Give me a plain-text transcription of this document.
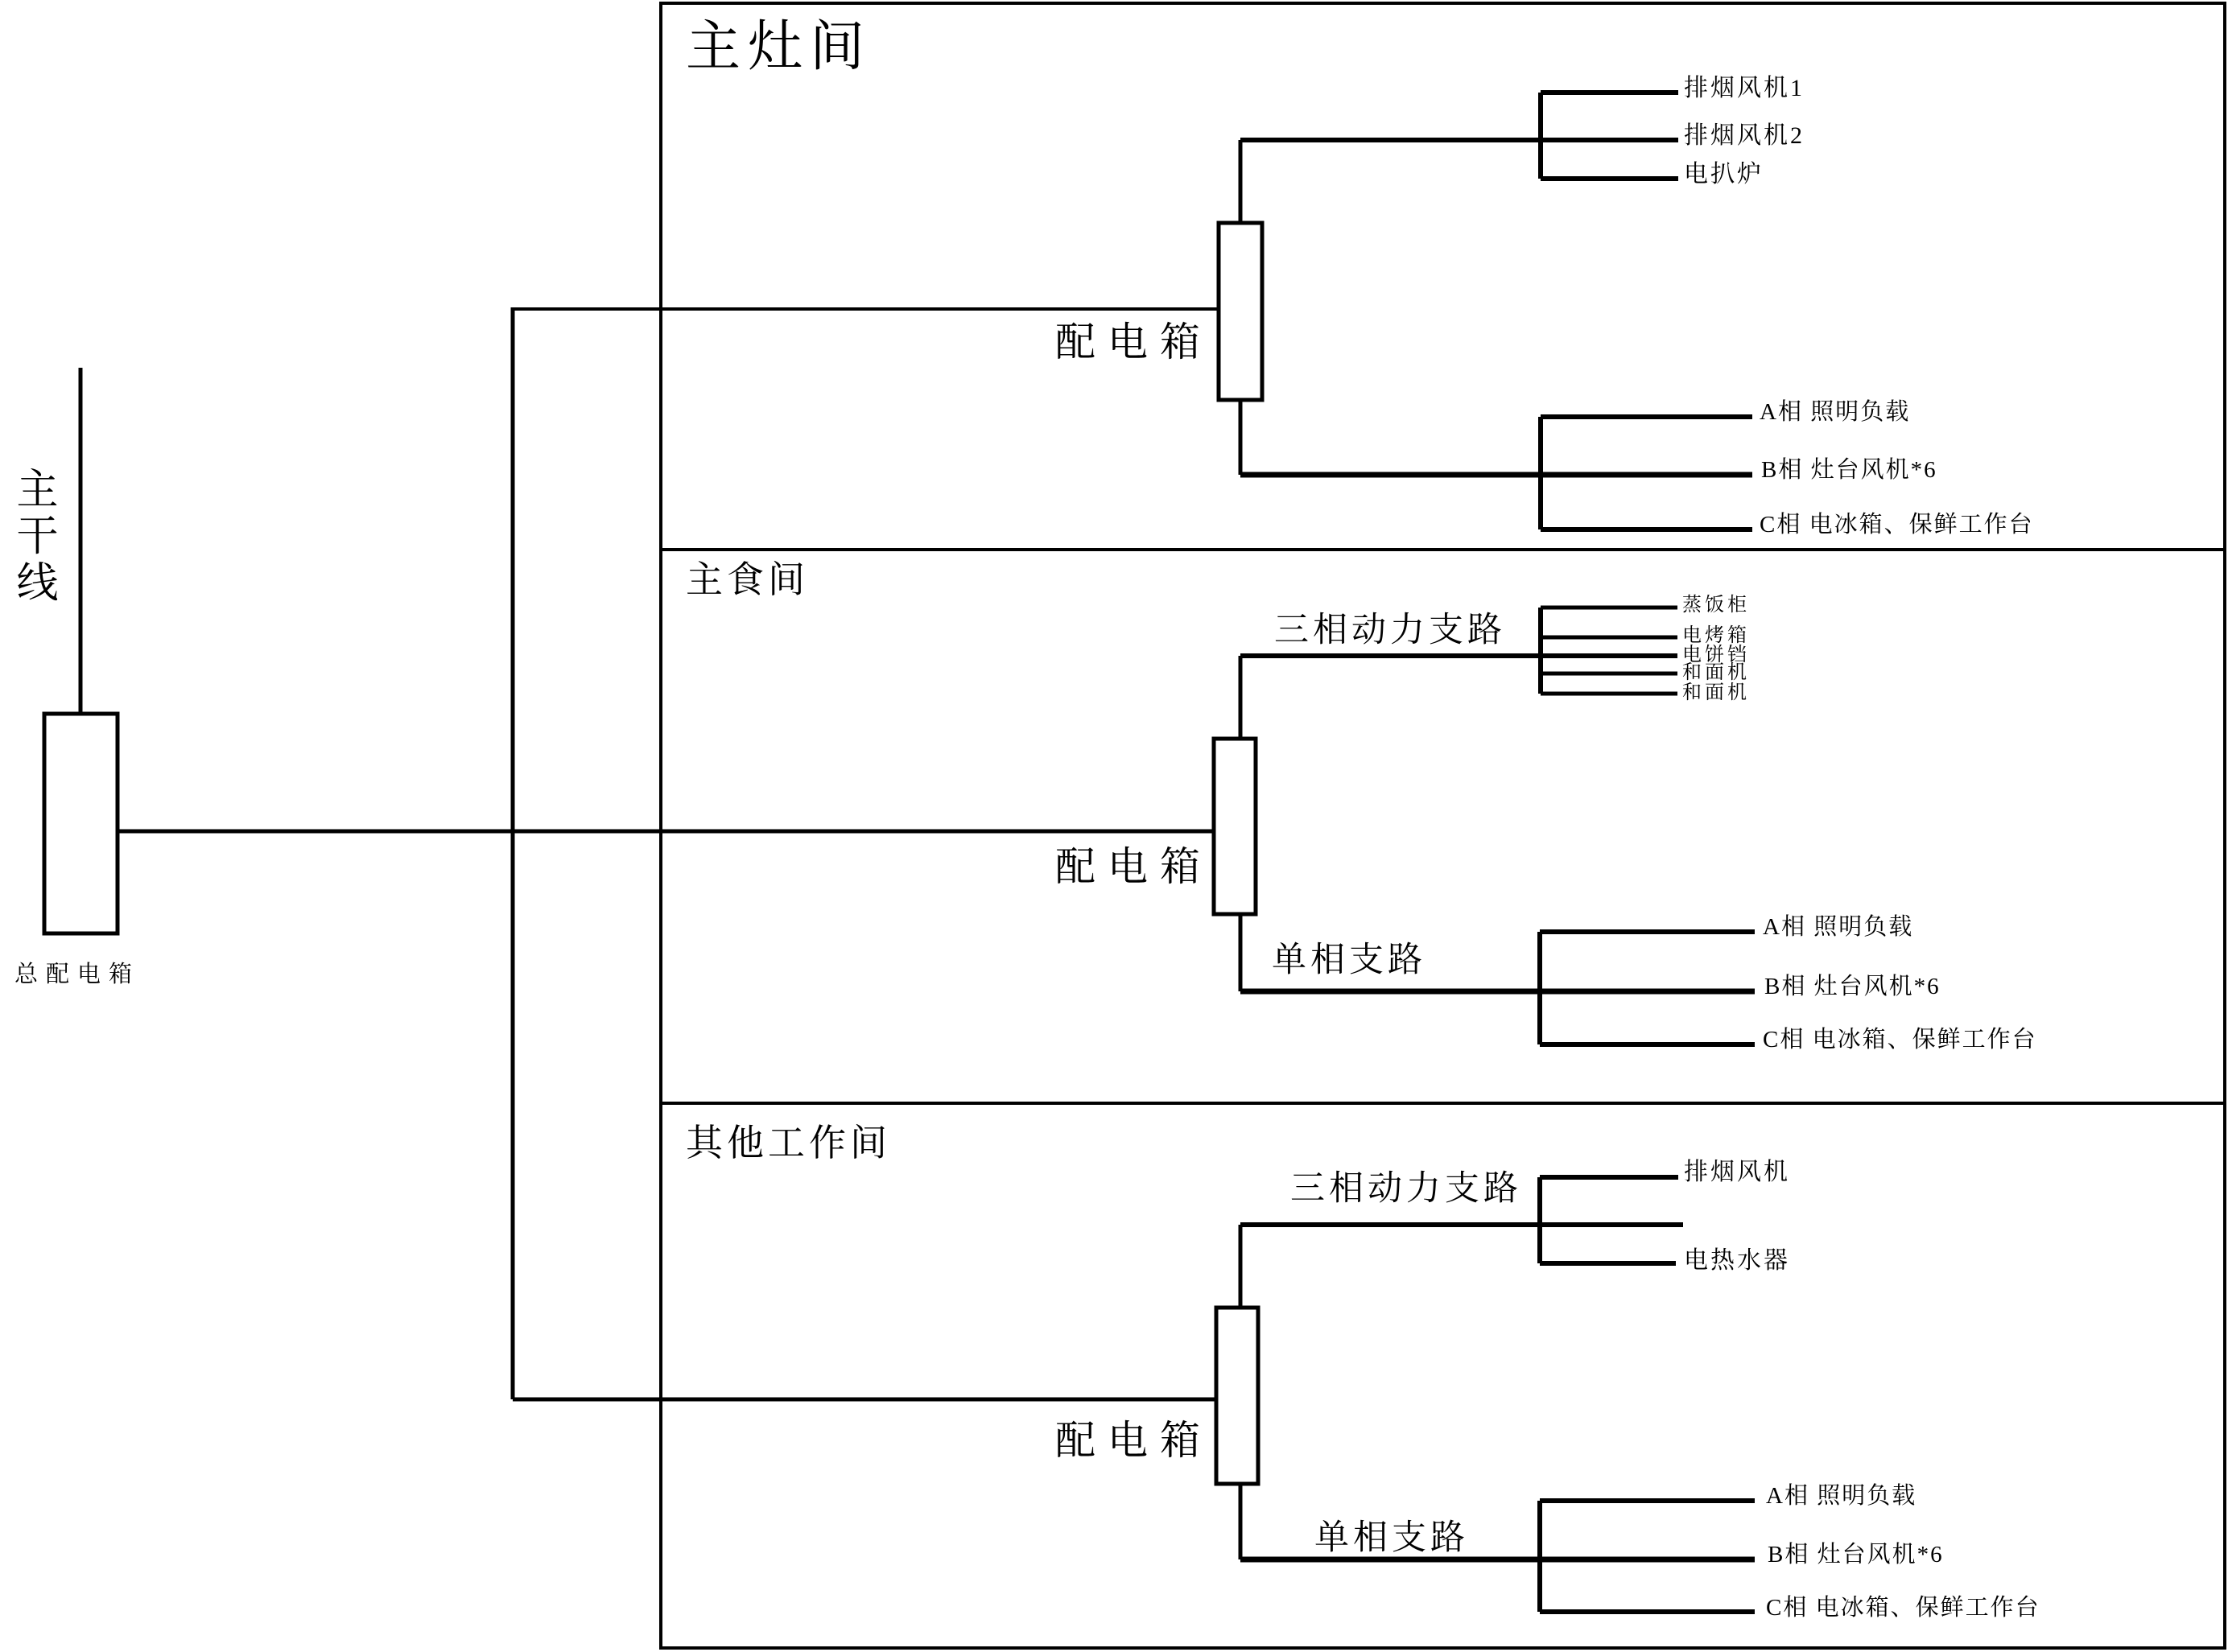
主干线
总配电箱
主灶间
配电箱
排烟风机1
排烟风机2
电扒炉
A相 照明负载
B相 灶台风机*6
C相 电冰箱、保鲜工作台
主食间
三相动力支路
配电箱
单相支路
蒸饭柜
电烤箱
电饼铛
和面机
和面机
A相 照明负载
B相 灶台风机*6
C相 电冰箱、保鲜工作台
其他工作间
三相动力支路
配电箱
单相支路
排烟风机
电热水器
A相 照明负载
B相 灶台风机*6
C相 电冰箱、保鲜工作台
